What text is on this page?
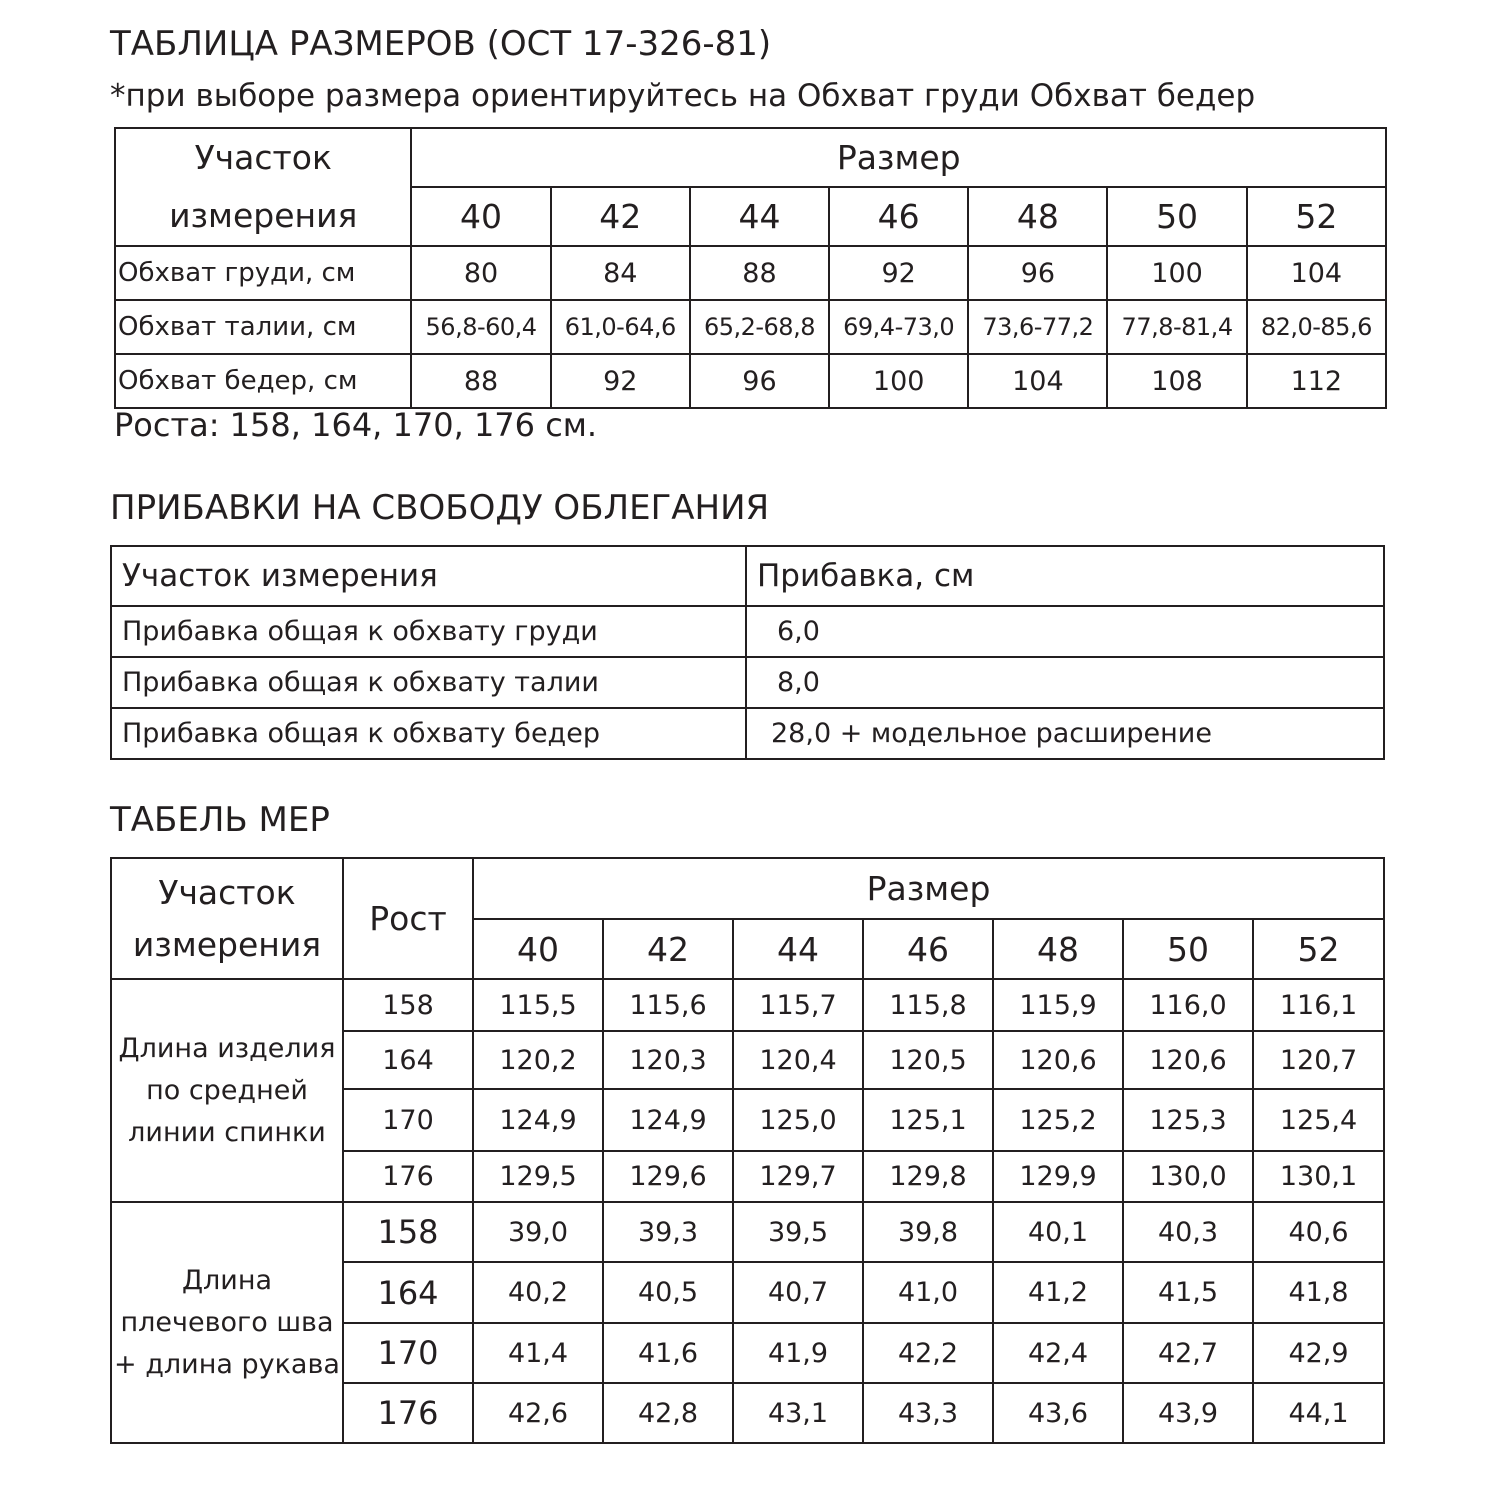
ТАБЛИЦА РАЗМЕРОВ (ОСТ 17-326-81)

*при выборе размера ориентируйтесь на Обхват груди Обхват бедер

Участок
измерения	Размер						
	40	42	44	46	48	50	52
Обхват груди, см	80	84	88	92	96	100	104
Обхват талии, см	56,8-60,4	61,0-64,6	65,2-68,8	69,4-73,0	73,6-77,2	77,8-81,4	82,0-85,6
Обхват бедер, см	88	92	96	100	104	108	112

Роста: 158, 164, 170, 176 см.

ПРИБАВКИ НА СВОБОДУ ОБЛЕГАНИЯ
Участок измерения	Прибавка, см
Прибавка общая к обхвату груди	6,0
Прибавка общая к обхвату талии	8,0
Прибавка общая к обхвату бедер	28,0 + модельное расширение
ТАБЕЛЬ МЕР
Участок
измерения	Рост	Размер						
		40	42	44	46	48	50	52

Длина изделия
по средней
линии спинки	158	115,5	115,6	115,7	115,8	115,9	116,0	116,1
	164	120,2	120,3	120,4	120,5	120,6	120,6	120,7
	170	124,9	124,9	125,0	125,1	125,2	125,3	125,4
	176	129,5	129,6	129,7	129,8	129,9	130,0	130,1

Длина
плечевого шва
+ длина рукава	158	39,0	39,3	39,5	39,8	40,1	40,3	40,6
	164	40,2	40,5	40,7	41,0	41,2	41,5	41,8
	170	41,4	41,6	41,9	42,2	42,4	42,7	42,9
	176	42,6	42,8	43,1	43,3	43,6	43,9	44,1
